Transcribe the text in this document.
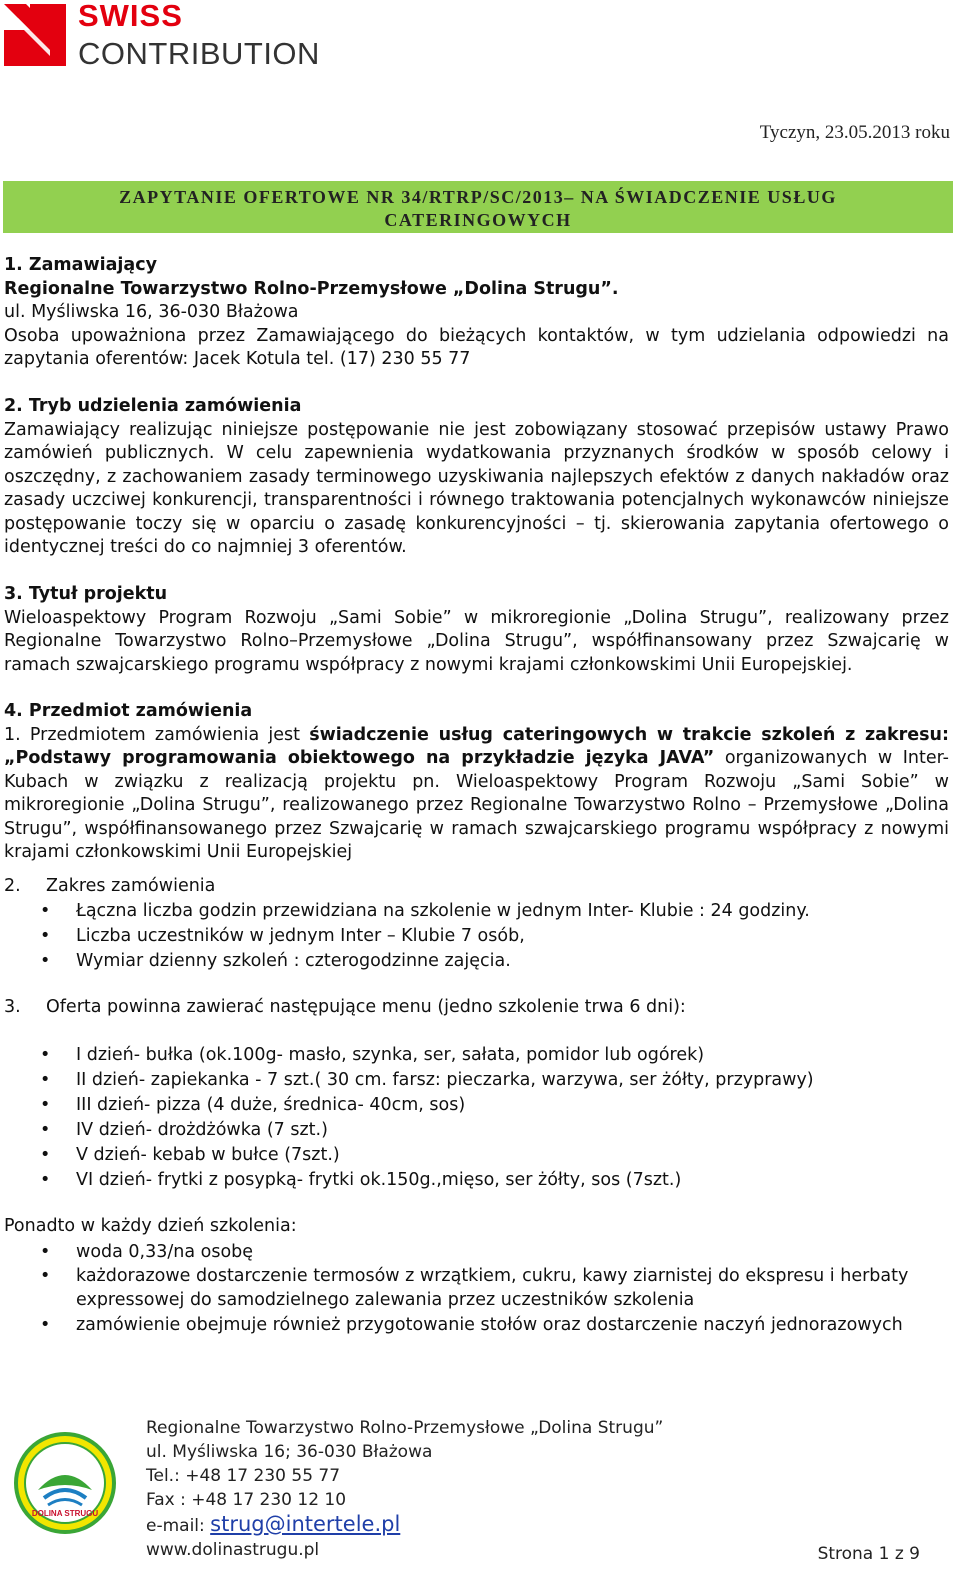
SWISS
CONTRIBUTION
Tyczyn, 23.05.2013 roku
ZAPYTANIE OFERTOWE NR 34/RTRP/SC/2013– NA ŚWIADCZENIE USŁUG
CATERINGOWYCH
1. Zamawiający
Regionalne Towarzystwo Rolno-Przemysłowe „Dolina Strugu”.
ul. Myśliwska 16, 36-030 Błażowa
Osoba upoważniona przez Zamawiającego do bieżących kontaktów, w tym udzielania odpowiedzi na zapytania oferentów: Jacek Kotula tel. (17) 230 55 77
2. Tryb udzielenia zamówienia
Zamawiający realizując niniejsze postępowanie nie jest zobowiązany stosować przepisów ustawy Prawo zamówień publicznych. W celu zapewnienia wydatkowania przyznanych środków w sposób celowy i oszczędny, z zachowaniem zasady terminowego uzyskiwania najlepszych efektów z danych nakładów oraz zasady uczciwej konkurencji, transparentności i równego traktowania potencjalnych wykonawców niniejsze postępowanie toczy się w oparciu o zasadę konkurencyjności – tj. skierowania zapytania ofertowego o identycznej treści do co najmniej 3 oferentów.
3. Tytuł projektu
Wieloaspektowy Program Rozwoju „Sami Sobie” w mikroregionie „Dolina Strugu”, realizowany przez Regionalne Towarzystwo Rolno–Przemysłowe „Dolina Strugu”, współfinansowany przez Szwajcarię w ramach szwajcarskiego programu współpracy z nowymi krajami członkowskimi Unii Europejskiej.
4. Przedmiot zamówienia
1. Przedmiotem zamówienia jest świadczenie usług cateringowych w trakcie szkoleń z zakresu: „Podstawy programowania obiektowego na przykładzie języka JAVA” organizowanych w Inter-Kubach w związku z realizacją projektu pn. Wieloaspektowy Program Rozwoju „Sami Sobie” w mikroregionie „Dolina Strugu”, realizowanego przez Regionalne Towarzystwo Rolno – Przemysłowe „Dolina Strugu”, współfinansowanego przez Szwajcarię w ramach szwajcarskiego programu współpracy z nowymi krajami członkowskimi Unii Europejskiej
2. Zakres zamówienia
• Łączna liczba godzin przewidziana na szkolenie w jednym Inter- Klubie : 24 godziny.
• Liczba uczestników w jednym Inter – Klubie 7 osób,
• Wymiar dzienny szkoleń : czterogodzinne zajęcia.
3. Oferta powinna zawierać następujące menu (jedno szkolenie trwa 6 dni):
• I dzień- bułka (ok.100g- masło, szynka, ser, sałata, pomidor lub ogórek)
• II dzień- zapiekanka - 7 szt.( 30 cm. farsz: pieczarka, warzywa, ser żółty, przyprawy)
• III dzień- pizza (4 duże, średnica- 40cm, sos)
• IV dzień- drożdżówka (7 szt.)
• V dzień- kebab w bułce (7szt.)
• VI dzień- frytki z posypką- frytki ok.150g.,mięso, ser żółty, sos (7szt.)
Ponadto w każdy dzień szkolenia:
• woda 0,33/na osobę
• każdorazowe dostarczenie termosów z wrzątkiem, cukru, kawy ziarnistej do ekspresu i herbaty
expressowej do samodzielnego zalewania przez uczestników szkolenia
• zamówienie obejmuje również przygotowanie stołów oraz dostarczenie naczyń jednorazowych
DOLINA STRUGU
Regionalne Towarzystwo Rolno-Przemysłowe „Dolina Strugu”
ul. Myśliwska 16; 36-030 Błażowa
Tel.: +48 17 230 55 77
Fax : +48 17 230 12 10
e-mail: strug@intertele.pl
www.dolinastrugu.pl	Strona 1 z 9
